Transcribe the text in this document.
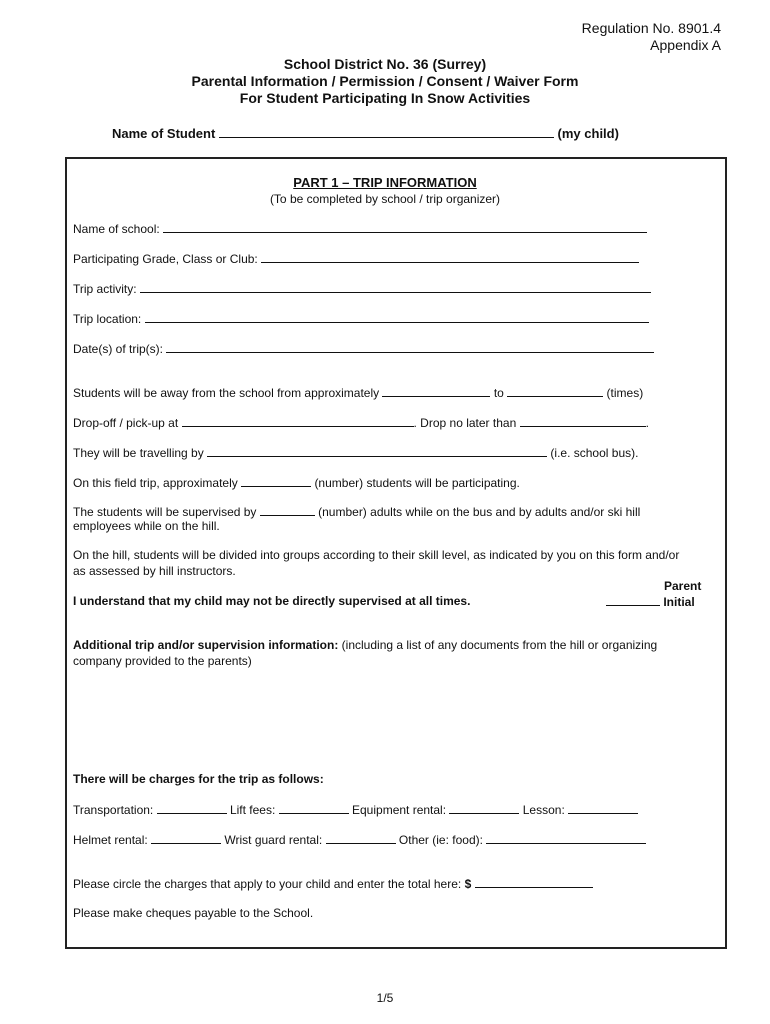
Regulation No. 8901.4
Appendix A
School District No. 36 (Surrey)
Parental Information / Permission / Consent / Waiver Form
For Student Participating In Snow Activities
Name of Student	(my child)
PART 1 – TRIP INFORMATION
(To be completed by school / trip organizer)
Name of school:
Participating Grade, Class or Club:
Trip activity:
Trip location:
Date(s) of trip(s):
Students will be away from the school from approximately	to	(times)
Drop-off / pick-up at	. Drop no later than	.
They will be travelling by	(i.e. school bus).
On this field trip, approximately	(number) students will be participating.
The students will be supervised by	(number) adults while on the bus and by adults and/or ski hill
employees while on the hill.
On the hill, students will be divided into groups according to their skill level, as indicated by you on this form and/or
as assessed by hill instructors.
Parent
I understand that my child may not be directly supervised at all times.	Initial
Additional trip and/or supervision information: (including a list of any documents from the hill or organizing
company provided to the parents)
There will be charges for the trip as follows:
Transportation:	Lift fees:	Equipment rental:	Lesson:
Helmet rental:	Wrist guard rental:	Other (ie: food):
Please circle the charges that apply to your child and enter the total here: $
Please make cheques payable to the School.
1/5
